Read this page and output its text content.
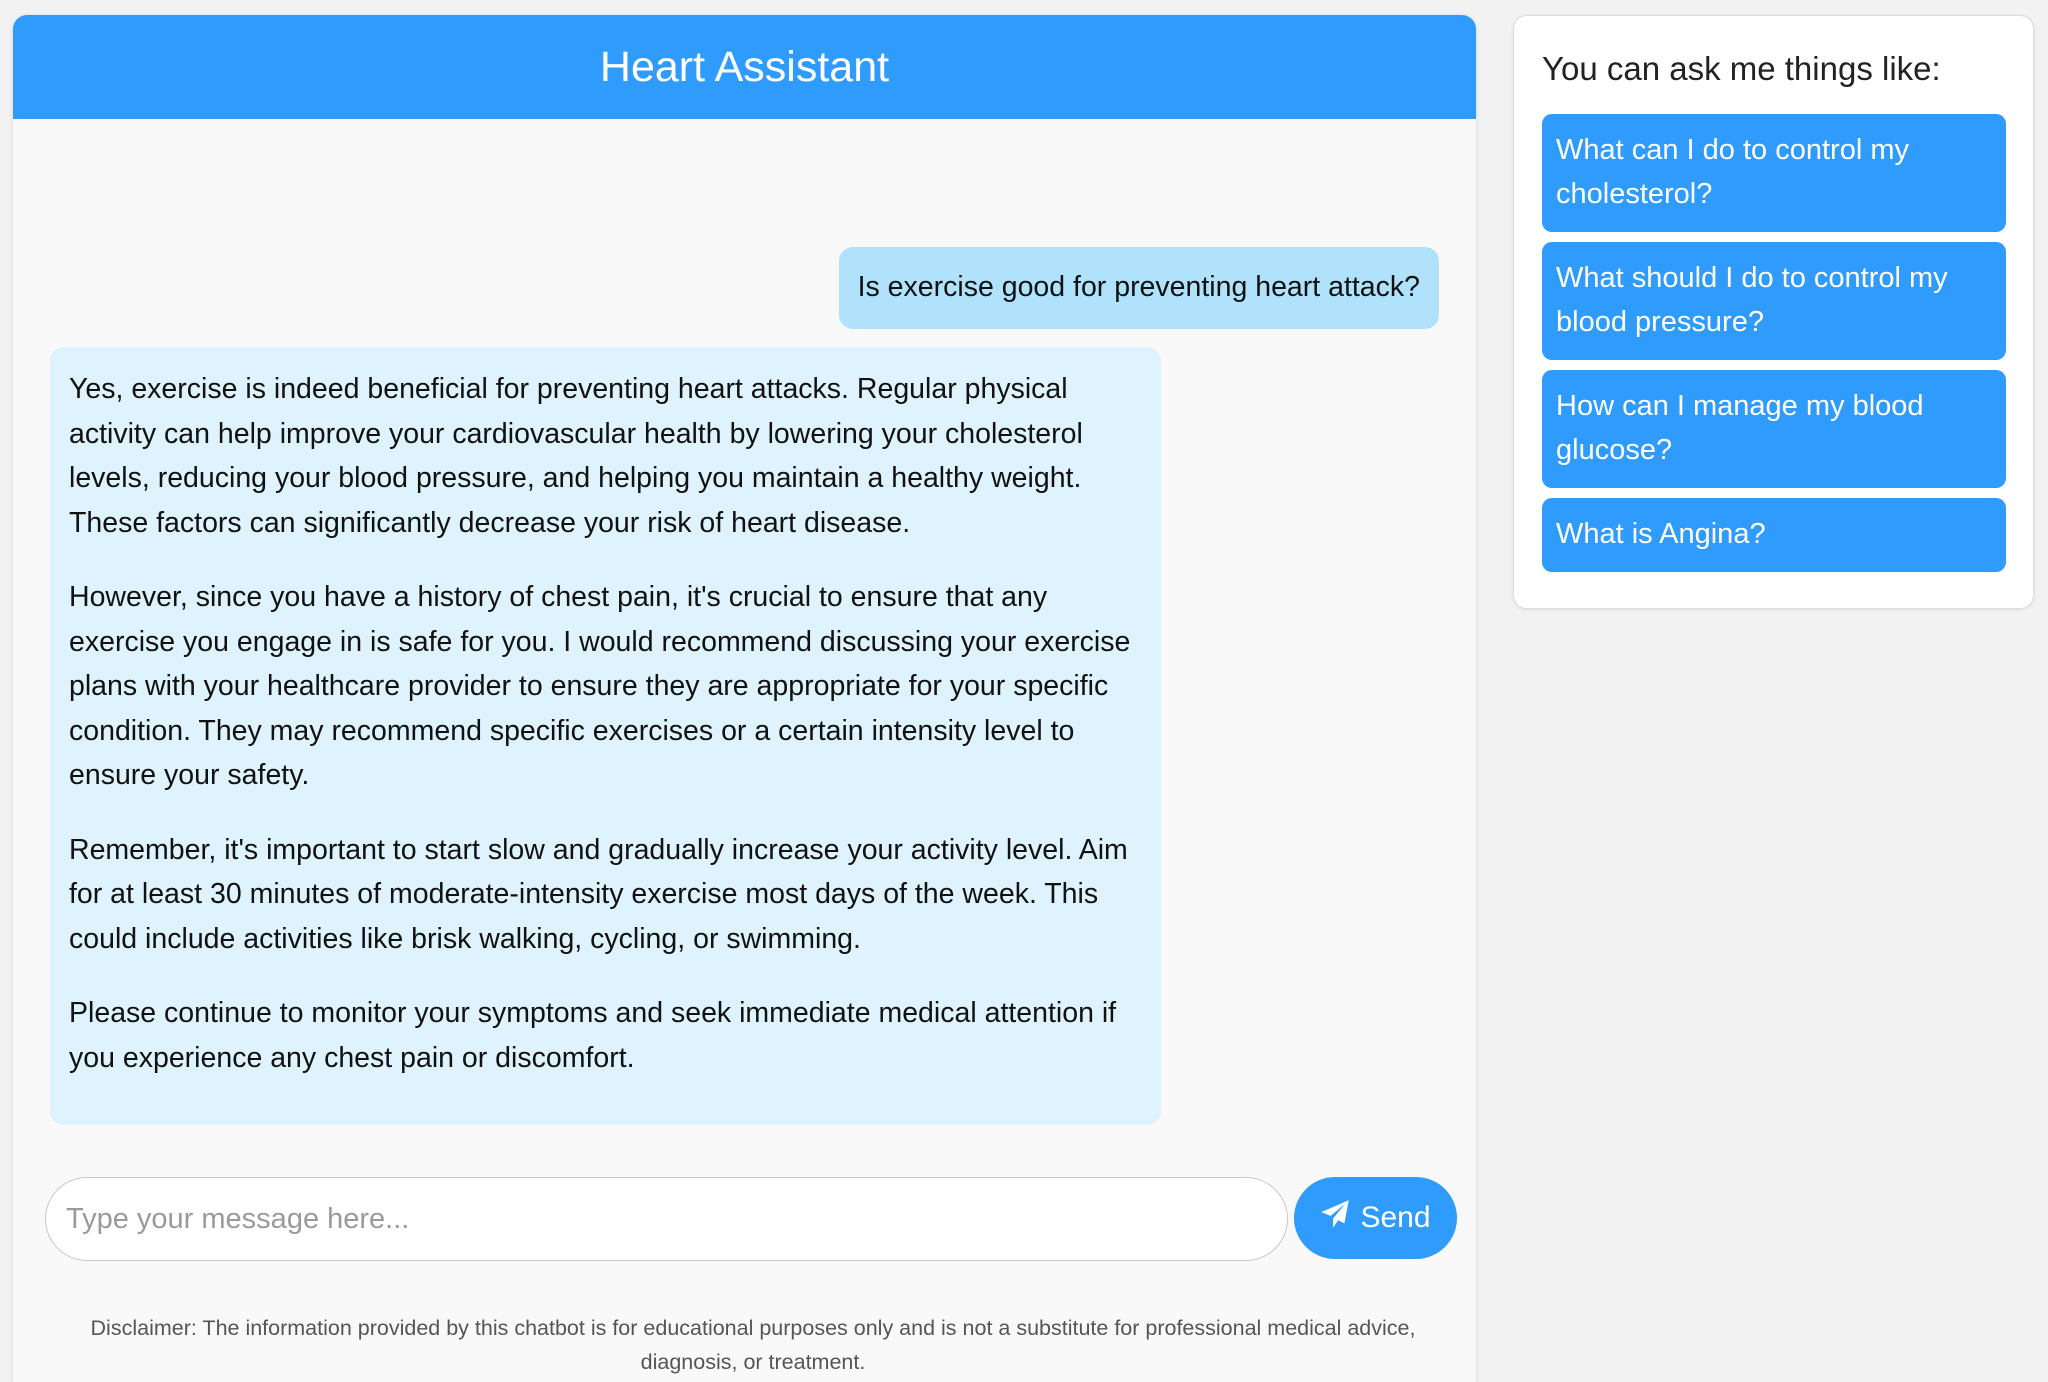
Heart Assistant
Is exercise good for preventing heart attack?

Yes, exercise is indeed beneficial for preventing heart attacks. Regular physical activity can help improve your cardiovascular health by lowering your cholesterol levels, reducing your blood pressure, and helping you maintain a healthy weight. These factors can significantly decrease your risk of heart disease.

However, since you have a history of chest pain, it's crucial to ensure that any exercise you engage in is safe for you. I would recommend discussing your exercise plans with your healthcare provider to ensure they are appropriate for your specific condition. They may recommend specific exercises or a certain intensity level to ensure your safety.

Remember, it's important to start slow and gradually increase your activity level. Aim for at least 30 minutes of moderate-intensity exercise most days of the week. This could include activities like brisk walking, cycling, or swimming.

Please continue to monitor your symptoms and seek immediate medical attention if you experience any chest pain or discomfort.

Type your message here...
Send
Disclaimer: The information provided by this chatbot is for educational purposes only and is not a substitute for professional medical advice, diagnosis, or treatment.
You can ask me things like:
What can I do to control my cholesterol?
What should I do to control my blood pressure?
How can I manage my blood glucose?
What is Angina?
